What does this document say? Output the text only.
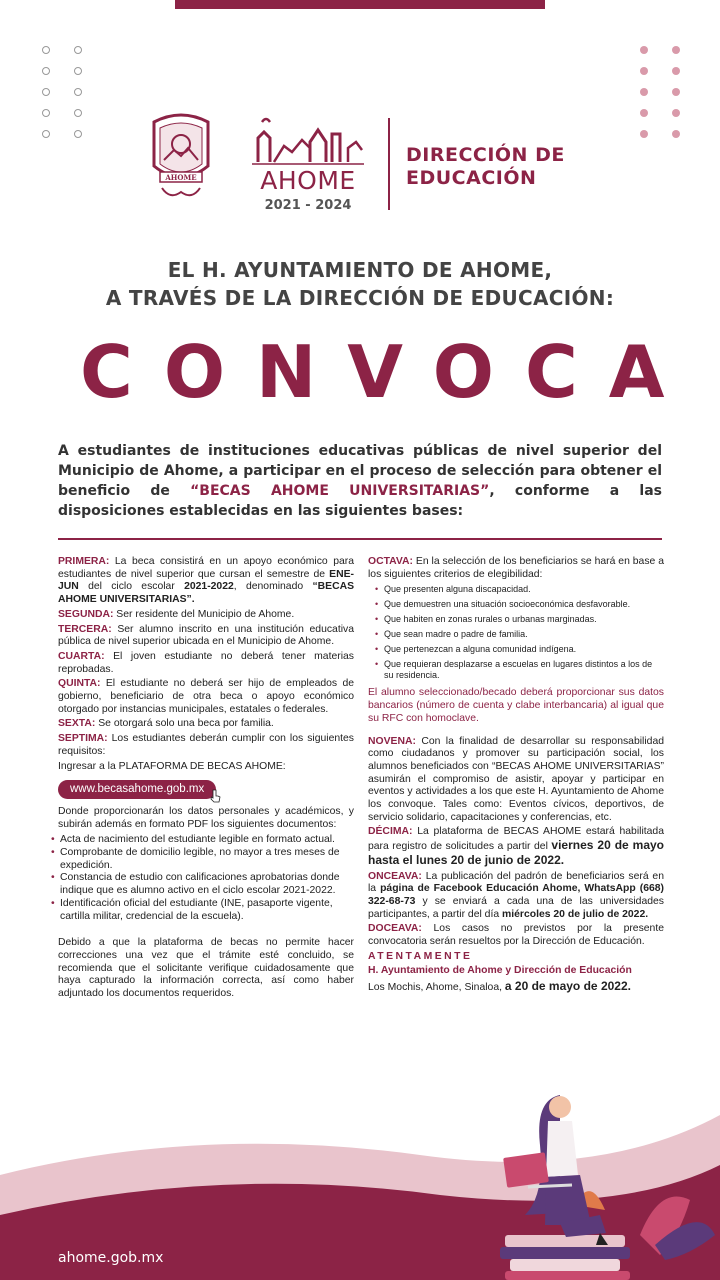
AHOME	AHOME
2021 - 2024
DIRECCIÓN DE
EDUCACIÓN
EL H. AYUNTAMIENTO DE AHOME,
A TRAVÉS DE LA DIRECCIÓN DE EDUCACIÓN:
CONVOCA
A estudiantes de instituciones educativas públicas de nivel superior del Municipio de Ahome, a participar en el proceso de selección para obtener el beneficio de “BECAS AHOME UNIVERSITARIAS”, conforme a las disposiciones establecidas en las siguientes bases:

PRIMERA: La beca consistirá en un apoyo económico para estudiantes de nivel superior que cursan el semestre de ENE-JUN del ciclo escolar 2021-2022, denominado “BECAS AHOME UNIVERSITARIAS”.

SEGUNDA: Ser residente del Municipio de Ahome.

TERCERA: Ser alumno inscrito en una institución educativa pública de nivel superior ubicada en el Municipio de Ahome.

CUARTA: El joven estudiante no deberá tener materias reprobadas.

QUINTA: El estudiante no deberá ser hijo de empleados de gobierno, beneficiario de otra beca o apoyo económico otorgado por instancias municipales, estatales o federales.

SEXTA: Se otorgará solo una beca por familia.

SEPTIMA: Los estudiantes deberán cumplir con los siguientes requisitos:

Ingresar a la PLATAFORMA DE BECAS AHOME:

www.becasahome.gob.mx

Donde proporcionarán los datos personales y académicos, y subirán además en formato PDF los siguientes documentos:

• Acta de nacimiento del estudiante legible en formato actual.
• Comprobante de domicilio legible, no mayor a tres meses de expedición.
• Constancia de estudio con calificaciones aprobatorias donde indique que es alumno activo en el ciclo escolar 2021-2022.
• Identificación oficial del estudiante (INE, pasaporte vigente, cartilla militar, credencial de la escuela).

Debido a que la plataforma de becas no permite hacer correcciones una vez que el trámite esté concluido, se recomienda que el solicitante verifique cuidadosamente que haya capturado la información correcta, así como haber adjuntado los documentos requeridos.

OCTAVA: En la selección de los beneficiarios se hará en base a los siguientes criterios de elegibilidad:

• Que presenten alguna discapacidad.
• Que demuestren una situación socioeconómica desfavorable.
• Que habiten en zonas rurales o urbanas marginadas.
• Que sean madre o padre de familia.
• Que pertenezcan a alguna comunidad indígena.
• Que requieran desplazarse a escuelas en lugares distintos a los de su residencia.

El alumno seleccionado/becado deberá proporcionar sus datos bancarios (número de cuenta y clabe interbancaria) al igual que su RFC con homoclave.

NOVENA: Con la finalidad de desarrollar su responsabilidad como ciudadanos y promover su participación social, los alumnos beneficiados con “BECAS AHOME UNIVERSITARIAS” asumirán el compromiso de asistir, apoyar y participar en eventos y actividades a los que este H. Ayuntamiento de Ahome los convoque. Tales como: Eventos cívicos, deportivos, de servicio solidario, capacitaciones y conferencias, etc.

DÉCIMA: La plataforma de BECAS AHOME estará habilitada para registro de solicitudes a partir del viernes 20 de mayo hasta el lunes 20 de junio de 2022.

ONCEAVA: La publicación del padrón de beneficiarios será en la página de Facebook Educación Ahome, WhatsApp (668) 322-68-73 y se enviará a cada una de las universidades participantes, a partir del día miércoles 20 de julio de 2022.

DOCEAVA: Los casos no previstos por la presente convocatoria serán resueltos por la Dirección de Educación.

ATENTAMENTE

H. Ayuntamiento de Ahome y Dirección de Educación

Los Mochis, Ahome, Sinaloa, a 20 de mayo de 2022.

ahome.gob.mx
